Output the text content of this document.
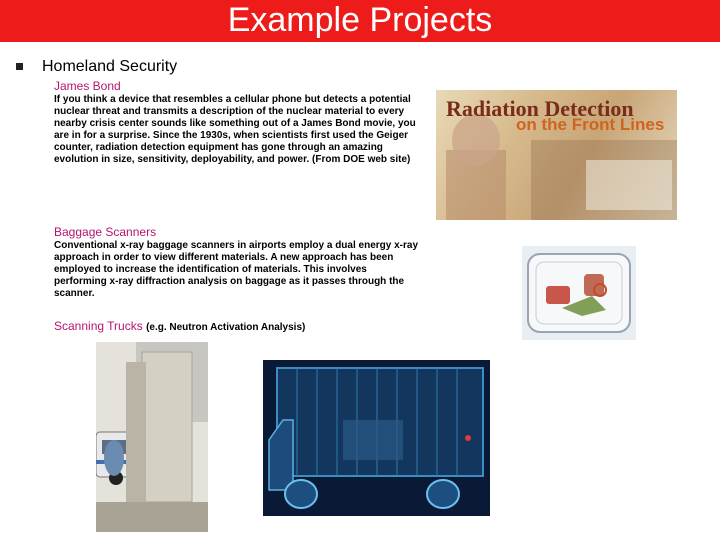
Example Projects
Homeland Security
James Bond

If you think a device that resembles a cellular phone but detects a potential nuclear threat and transmits a description of the nuclear material to every nearby crisis center sounds like something out of a James Bond movie, you are in for a surprise. Since the 1930s, when scientists first used the Geiger counter, radiation detection equipment has gone through an amazing evolution in size, sensitivity, deployability, and power. (From DOE web site)

Baggage Scanners

Conventional x-ray baggage scanners in airports employ a dual energy x-ray approach in order to view different materials. A new approach has been employed to increase the identification of materials. This involves performing x-ray diffraction analysis on baggage as it passes through the scanner.

Scanning Trucks (e.g. Neutron Activation Analysis)
Radiation Detection
on the Front Lines
